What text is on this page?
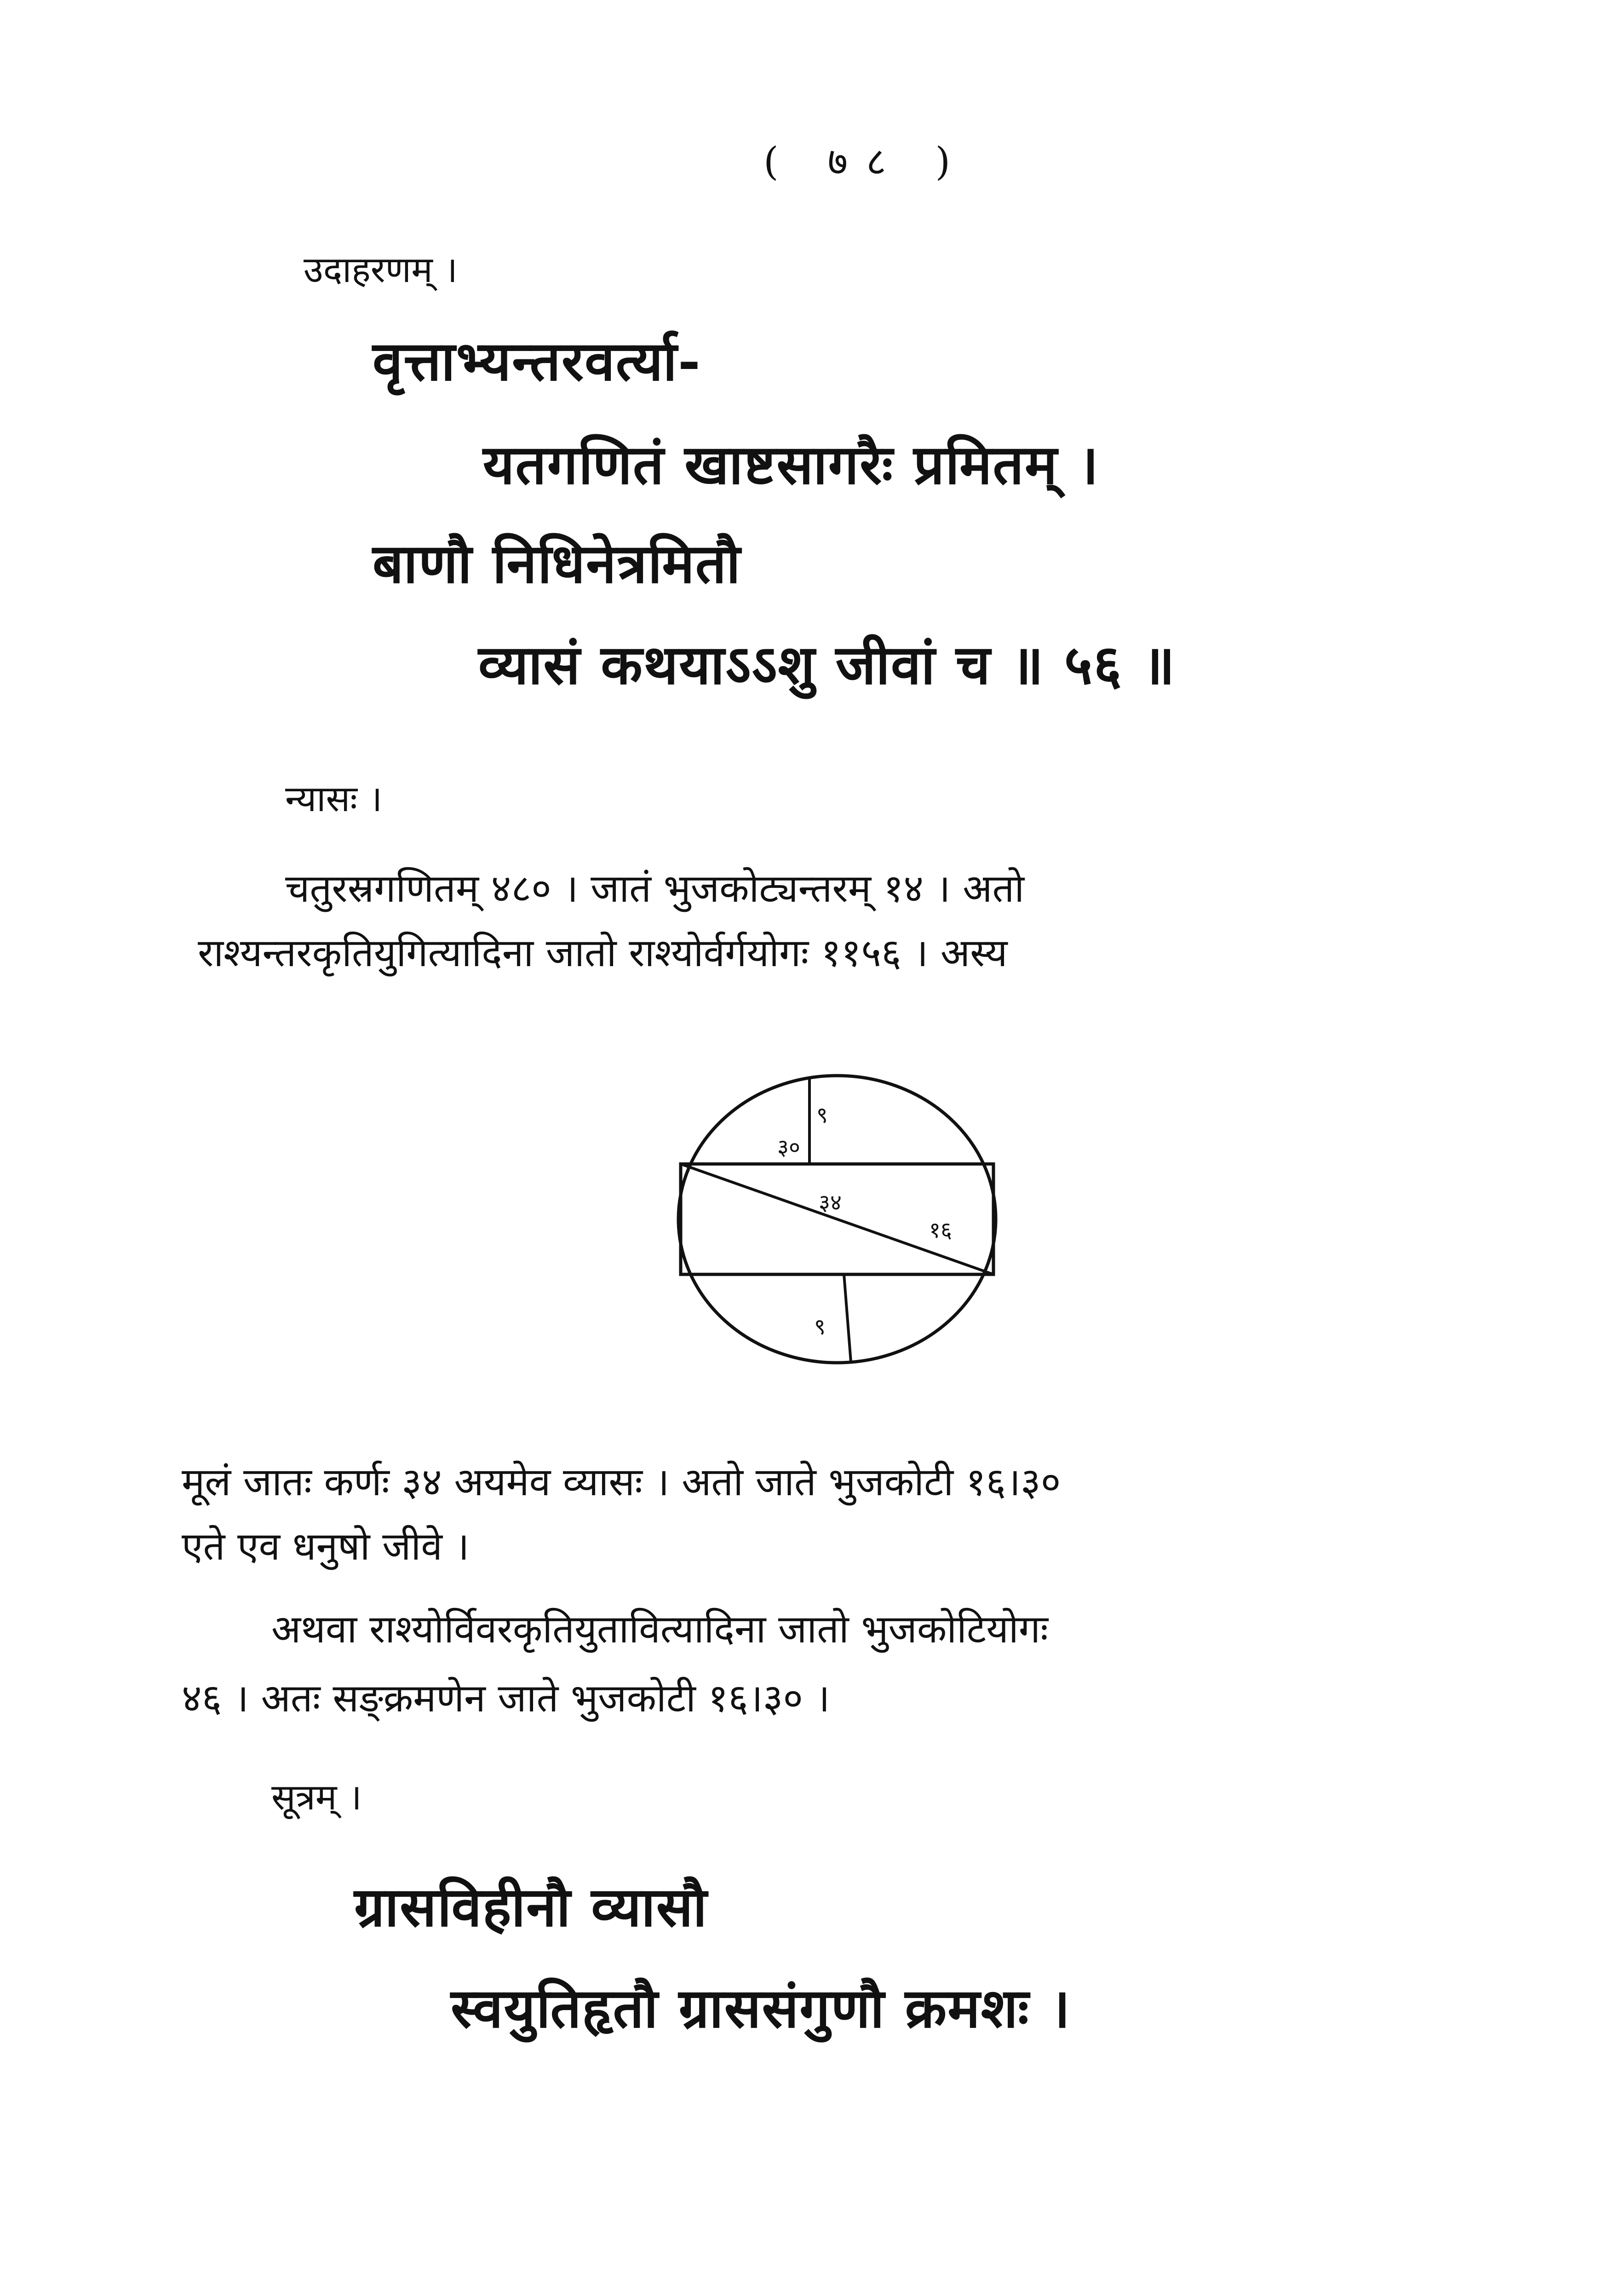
( ७८ )
उदाहरणम् ।
वृत्ताभ्यन्तरवर्त्या-
यतगणितं खाष्टसागरैः प्रमितम् ।
बाणौ निधिनेत्रमितौ
व्यासं कथयाऽऽशु जीवां च ॥ ५६ ॥
न्यासः ।
चतुरस्रगणितम् ४८० । जातं भुजकोट्यन्तरम् १४ । अतो
राश्यन्तरकृतियुगित्यादिना जातो राश्योर्वर्गयोगः ११५६ । अस्य
३०
९
३४
१६
९
मूलं जातः कर्णः ३४ अयमेव व्यासः । अतो जाते भुजकोटी १६।३०
एते एव धनुषो जीवे ।
अथवा राश्योर्विवरकृतियुतावित्यादिना जातो भुजकोटियोगः
४६ । अतः सङ्क्रमणेन जाते भुजकोटी १६।३० ।
सूत्रम् ।
ग्रासविहीनौ व्यासौ
स्वयुतिहृतौ ग्राससंगुणौ क्रमशः ।
